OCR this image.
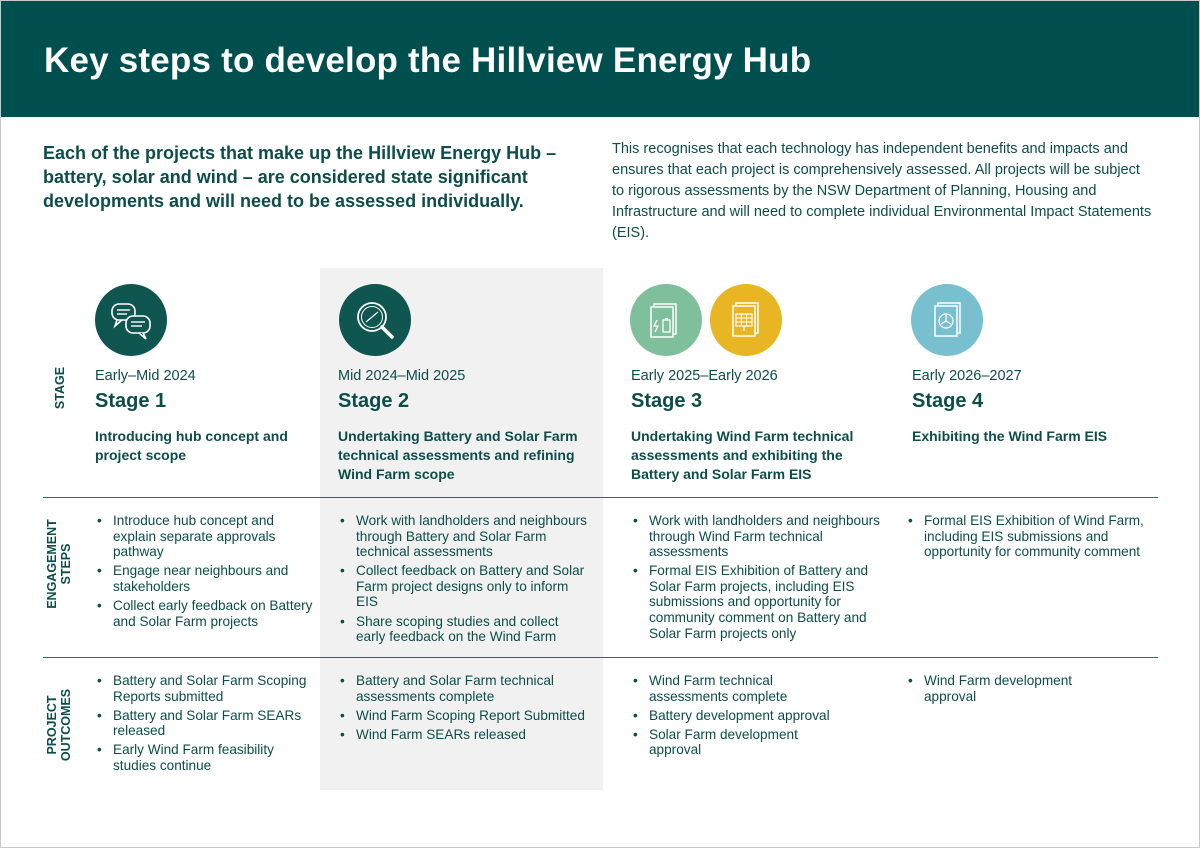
Key steps to develop the Hillview Energy Hub

Each of the projects that make up the Hillview Energy Hub – battery, solar and wind – are considered state significant developments and will need to be assessed individually.

This recognises that each technology has independent benefits and impacts and ensures that each project is comprehensively assessed. All projects will be subject to rigorous assessments by the NSW Department of Planning, Housing and Infrastructure and will need to complete individual Environmental Impact Statements (EIS).

STAGE
ENGAGEMENT
STEPS
PROJECT
OUTCOMES
Early–Mid 2024
Stage 1
Introducing hub concept and project scope
Mid 2024–Mid 2025
Stage 2
Undertaking Battery and Solar Farm technical assessments and refining Wind Farm scope
Early 2025–Early 2026
Stage 3
Undertaking Wind Farm technical assessments and exhibiting the Battery and Solar Farm EIS
Early 2026–2027
Stage 4
Exhibiting the Wind Farm EIS
• Introduce hub concept and explain separate approvals pathway
• Engage near neighbours and stakeholders
• Collect early feedback on Battery and Solar Farm projects
• Work with landholders and neighbours through Battery and Solar Farm technical assessments
• Collect feedback on Battery and Solar Farm project designs only to inform EIS
• Share scoping studies and collect early feedback on the Wind Farm
• Work with landholders and neighbours through Wind Farm technical assessments
• Formal EIS Exhibition of Battery and Solar Farm projects, including EIS submissions and opportunity for community comment on Battery and Solar Farm projects only
• Formal EIS Exhibition of Wind Farm, including EIS submissions and opportunity for community comment
• Battery and Solar Farm Scoping Reports submitted
• Battery and Solar Farm SEARs released
• Early Wind Farm feasibility studies continue
• Battery and Solar Farm technical assessments complete
• Wind Farm Scoping Report Submitted
• Wind Farm SEARs released
• Wind Farm technical assessments complete
• Battery development approval
• Solar Farm development approval
• Wind Farm development approval
